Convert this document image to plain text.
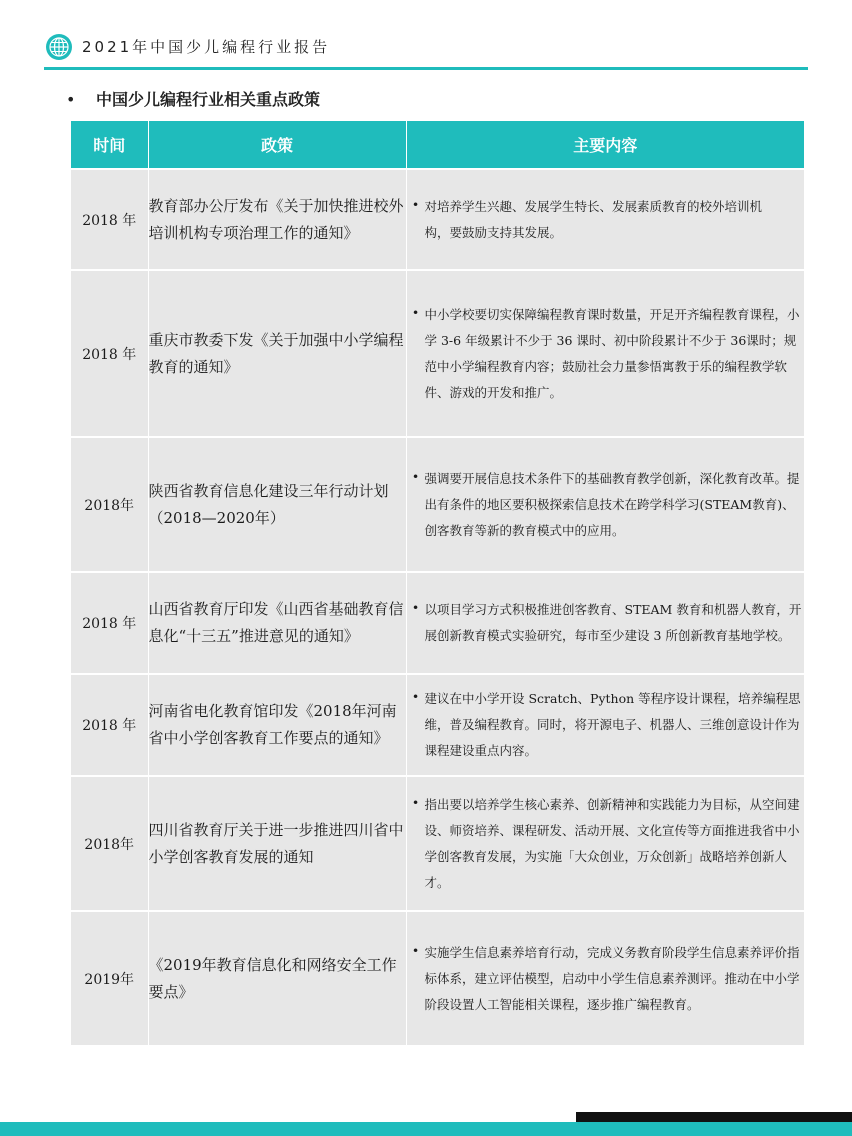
2021年中国少儿编程行业报告
• 中国少儿编程行业相关重点政策
时间	政策	主要内容
2018 年	教育部办公厅发布《关于加快推进校外培训机构专项治理工作的通知》	• 对培养学生兴趣、发展学生特长、发展素质教育的校外培训机
构，要鼓励支持其发展。

2018 年	重庆市教委下发《关于加强中小学编程教育的通知》	• 中小学校要切实保障编程教育课时数量，开足开齐编程教育课程，小学 3-6 年级累计不少于 36 课时、初中阶段累计不少于 36课时；规范中小学编程教育内容；鼓励社会力量参悟寓教于乐的编程教学软件、游戏的开发和推广。

2018年	陕西省教育信息化建设三年行动计划（2018—2020年）	• 强调要开展信息技术条件下的基础教育教学创新，深化教育改革。提出有条件的地区要积极探索信息技术在跨学科学习(STEAM教育)、创客教育等新的教育模式中的应用。

2018 年	山西省教育厅印发《山西省基础教育信息化“十三五”推进意见的通知》	• 以项目学习方式积极推进创客教育、STEAM 教育和机器人教育，开展创新教育模式实验研究，每市至少建设 3 所创新教育基地学校。

2018 年	河南省电化教育馆印发《2018年河南省中小学创客教育工作要点的通知》	• 建议在中小学开设 Scratch、Python 等程序设计课程，培养编程思维，普及编程教育。同时，将开源电子、机器人、三维创意设计作为课程建设重点内容。

2018年	四川省教育厅关于进一步推进四川省中小学创客教育发展的通知	• 指出要以培养学生核心素养、创新精神和实践能力为目标，从空间建设、师资培养、课程研发、活动开展、文化宣传等方面推进我省中小学创客教育发展，为实施「大众创业，万众创新」战略培养创新人才。

2019年	《2019年教育信息化和网络安全工作要点》	• 实施学生信息素养培育行动，完成义务教育阶段学生信息素养评价指标体系，建立评估模型，启动中小学生信息素养测评。推动在中小学阶段设置人工智能相关课程，逐步推广编程教育。
